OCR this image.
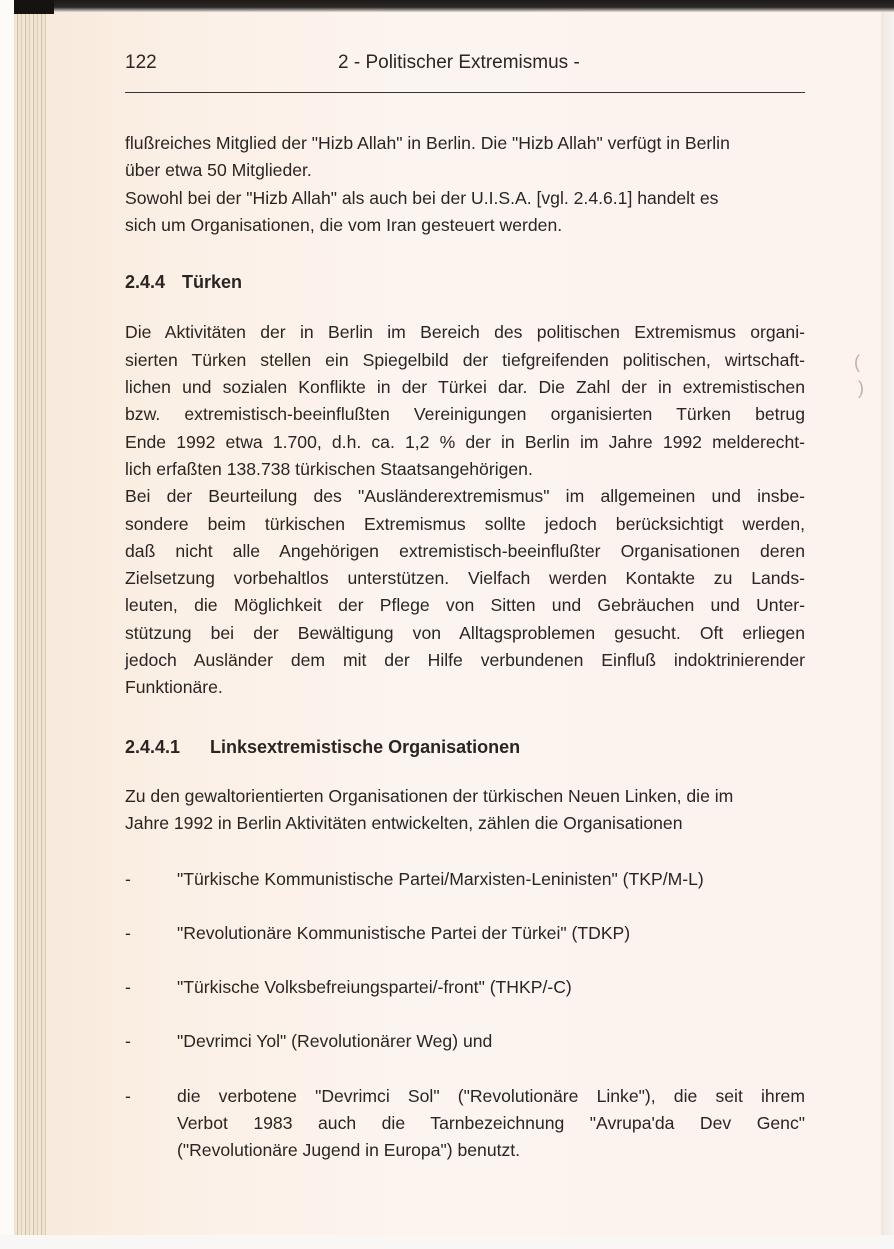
122	2 - Politischer Extremismus -

flußreiches Mitglied der "Hizb Allah" in Berlin. Die "Hizb Allah" verfügt in Berlin
über etwa 50 Mitglieder.

Sowohl bei der "Hizb Allah" als auch bei der U.I.S.A. [vgl. 2.4.6.1] handelt es
sich um Organisationen, die vom Iran gesteuert werden.

2.4.4 Türken

Die Aktivitäten der in Berlin im Bereich des politischen Extremismus organi-
sierten Türken stellen ein Spiegelbild der tiefgreifenden politischen, wirtschaft-
lichen und sozialen Konflikte in der Türkei dar. Die Zahl der in extremistischen
bzw. extremistisch-beeinflußten Vereinigungen organisierten Türken betrug
Ende 1992 etwa 1.700, d.h. ca. 1,2 % der in Berlin im Jahre 1992 melderecht-
lich erfaßten 138.738 türkischen Staatsangehörigen.

Bei der Beurteilung des "Ausländerextremismus" im allgemeinen und insbe-
sondere beim türkischen Extremismus sollte jedoch berücksichtigt werden,
daß nicht alle Angehörigen extremistisch-beeinflußter Organisationen deren
Zielsetzung vorbehaltlos unterstützen. Vielfach werden Kontakte zu Lands-
leuten, die Möglichkeit der Pflege von Sitten und Gebräuchen und Unter-
stützung bei der Bewältigung von Alltagsproblemen gesucht. Oft erliegen
jedoch Ausländer dem mit der Hilfe verbundenen Einfluß indoktrinierender
Funktionäre.

2.4.4.1 Linksextremistische Organisationen

Zu den gewaltorientierten Organisationen der türkischen Neuen Linken, die im
Jahre 1992 in Berlin Aktivitäten entwickelten, zählen die Organisationen

-	"Türkische Kommunistische Partei/Marxisten-Leninisten" (TKP/M-L)
-	"Revolutionäre Kommunistische Partei der Türkei" (TDKP)
-	"Türkische Volksbefreiungspartei/-front" (THKP/-C)
-	"Devrimci Yol" (Revolutionärer Weg) und
-	die verbotene "Devrimci Sol" ("Revolutionäre Linke"), die seit ihrem
Verbot 1983 auch die Tarnbezeichnung "Avrupa'da Dev Genc"
("Revolutionäre Jugend in Europa") benutzt.
(
)
